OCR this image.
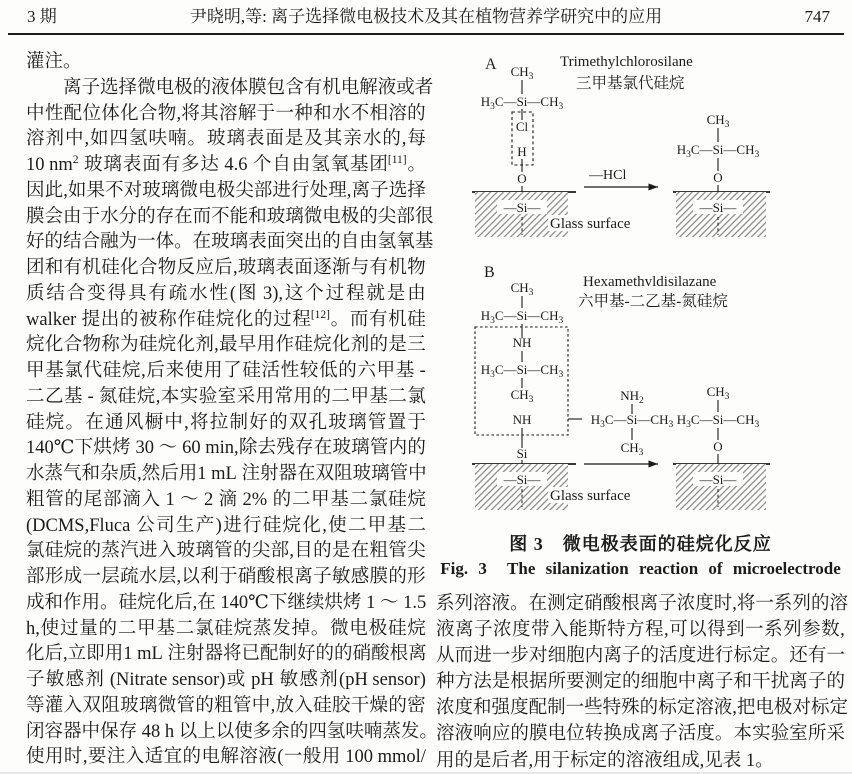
3 期	尹晓明,等: 离子选择微电极技术及其在植物营养学研究中的应用	747
灌注。
离 子 选 择 微 电 极 的 液 体 膜 包 含 有 机 电 解 液 或 者
中 性 配 位 体 化 合 物 , 将 其 溶 解 于 一 种 和 水 不 相 溶 的
溶 剂 中 , 如 四 氢 呋 喃 。 玻 璃 表 面 是 及 其 亲 水 的 , 每
10 $nm^2$ 玻 璃 表 面 有 多 达 4.6 个 自 由 氢 氧 基 团[11] 。
因 此 , 如 果 不 对 玻 璃 微 电 极 尖 部 进 行 处 理 , 离 子 选 择
膜 会 由 于 水 分 的 存 在 而 不 能 和 玻 璃 微 电 极 的 尖 部 很
好 的 结 合 融 为 一 体 。 在 玻 璃 表 面 突 出 的 自 由 氢 氧 基
团 和 有 机 硅 化 合 物 反 应 后 , 玻 璃 表 面 逐 渐 与 有 机 物
质 结 合 变 得 具 有 疏 水 性 ( 图 3), 这 个 过 程 就 是 由
walker 提 出 的 被 称 作 硅 烷 化 的 过 程[12] 。 而 有 机 硅
烷 化 合 物 称 为 硅 烷 化 剂 , 最 早 用 作 硅 烷 化 剂 的 是 三
甲 基 氯 代 硅 烷 , 后 来 使 用 了 硅 活 性 较 低 的 六 甲 基 -
二 乙 基 - 氮 硅 烷 , 本 实 验 室 采 用 常 用 的 二 甲 基 二 氯
硅 烷 。 在 通 风 橱 中 , 将 拉 制 好 的 双 孔 玻 璃 管 置 于
140℃ 下 烘 烤 30 ～ 60 min, 除 去 残 存 在 玻 璃 管 内 的
水 蒸 气 和 杂 质 , 然 后 用 1 mL 注 射 器 在 双 阻 玻 璃 管 中
粗 管 的 尾 部 滴 入 1 ～ 2 滴 2% 的 二 甲 基 二 氯 硅 烷
(DCMS,Fluca 公 司 生 产 ) 进 行 硅 烷 化 , 使 二 甲 基 二
氯 硅 烷 的 蒸 汽 进 入 玻 璃 管 的 尖 部 , 目 的 是 在 粗 管 尖
部 形 成 一 层 疏 水 层 , 以 利 于 硝 酸 根 离 子 敏 感 膜 的 形
成 和 作 用 。 硅 烷 化 后 , 在 140℃ 下 继 续 烘 烤 1 ～ 1.5
h, 使 过 量 的 二 甲 基 二 氯 硅 烷 蒸 发 掉 。 微 电 极 硅 烷
化 后 , 立 即 用 1 mL 注 射 器 将 已 配 制 好 的 的 硝 酸 根 离
子 敏 感 剂 (Nitrate sensor) 或 pH 敏 感 剂 (pH sensor)
等 灌 入 双 阻 玻 璃 微 管 的 粗 管 中 , 放 入 硅 胶 干 燥 的 密
闭 容 器 中 保 存 48 h 以 上 以 使 多 余 的 四 氢 呋 喃 蒸 发 。
使 用 时 , 要 注 入 适 宜 的 电 解 溶 液 ( 一 般 用 100 mmol/
A	Trimethylchlorosilane
三甲基氯代硅烷
$CH_3$
$H_3C—Si—CH_3$
Cl
H
O
—Si—
Glass surface
—HCl
$CH_3$
$H_3C—Si—CH_3$
O
—Si—
B
Hexamethvldisilazane
六甲基-二乙基-氮硅烷
$CH_3$
$H_3C—Si—CH_3$
NH
$H_3C—Si—CH_3$
$CH_3$
NH
Si
—Si—
Glass surface
$NH_2$
$H_3C—Si—CH_3$
$CH_3$
$CH_3$
$H_3C—Si—CH_3$
O
—Si—
图 3　微电极表面的硅烷化反应
Fig. 3  The silanization reaction of microelectrode
系 列 溶 液 。 在 测 定 硝 酸 根 离 子 浓 度 时 , 将 一 系 列 的 溶
液 离 子 浓 度 带 入 能 斯 特 方 程 , 可 以 得 到 一 系 列 参 数 ,
从 而 进 一 步 对 细 胞 内 离 子 的 活 度 进 行 标 定 。 还 有 一
种 方 法 是 根 据 所 要 测 定 的 细 胞 中 离 子 和 干 扰 离 子 的
浓 度 和 强 度 配 制 一 些 特 殊 的 标 定 溶 液 , 把 电 极 对 标 定
溶 液 响 应 的 膜 电 位 转 换 成 离 子 活 度 。 本 实 验 室 所 采
用的是后者,用于标定的溶液组成,见表 1。
